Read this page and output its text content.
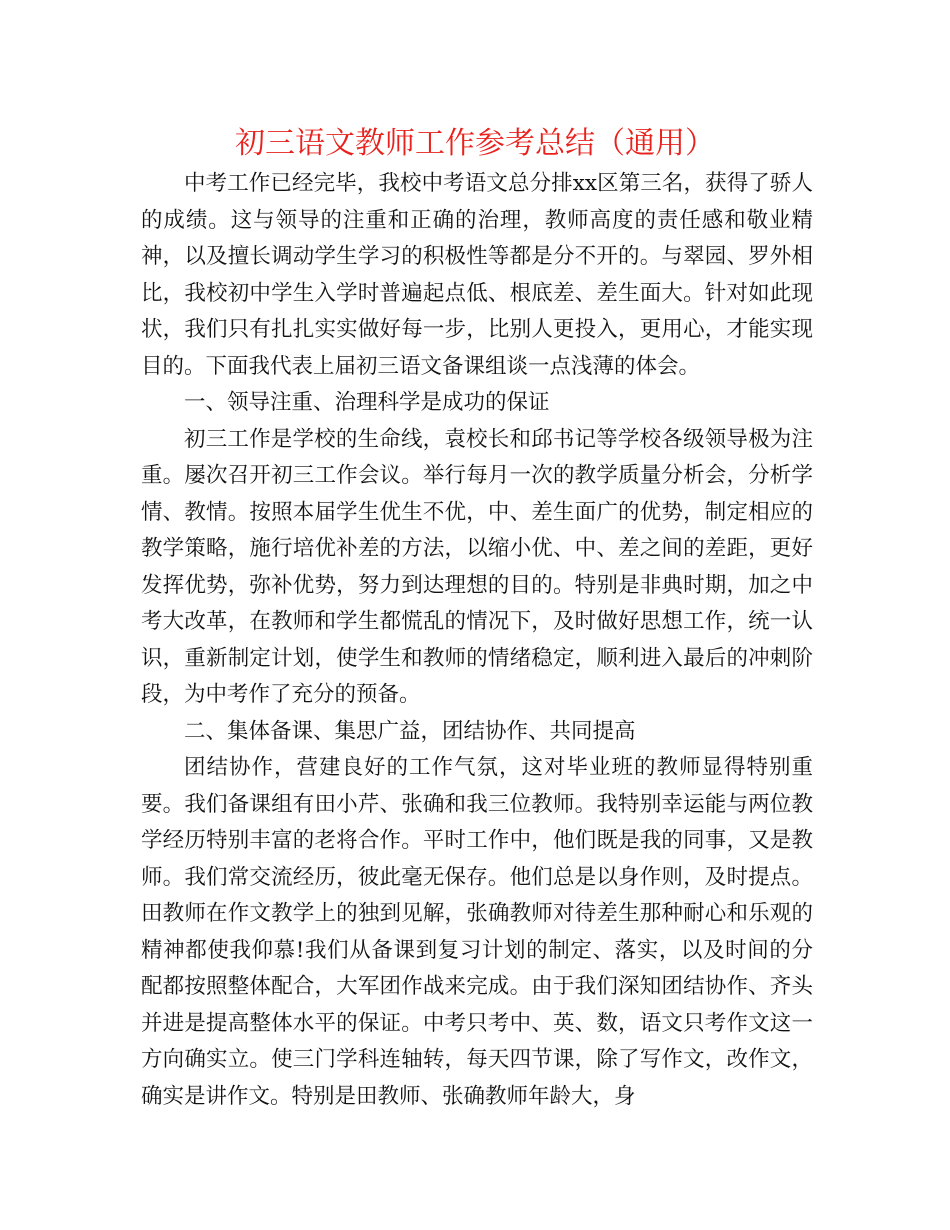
初三语文教师工作参考总结（通用）

中考工作已经完毕，我校中考语文总分排xx区第三名，获得了骄人的成绩。这与领导的注重和正确的治理，教师高度的责任感和敬业精神，以及擅长调动学生学习的积极性等都是分不开的。与翠园、罗外相比，我校初中学生入学时普遍起点低、根底差、差生面大。针对如此现状，我们只有扎扎实实做好每一步，比别人更投入，更用心，才能实现目的。下面我代表上届初三语文备课组谈一点浅薄的体会。

一、领导注重、治理科学是成功的保证

初三工作是学校的生命线，袁校长和邱书记等学校各级领导极为注重。屡次召开初三工作会议。举行每月一次的教学质量分析会，分析学情、教情。按照本届学生优生不优，中、差生面广的优势，制定相应的教学策略，施行培优补差的方法，以缩小优、中、差之间的差距，更好发挥优势，弥补优势，努力到达理想的目的。特别是非典时期，加之中考大改革，在教师和学生都慌乱的情况下，及时做好思想工作，统一认识，重新制定计划，使学生和教师的情绪稳定，顺利进入最后的冲刺阶段，为中考作了充分的预备。

二、集体备课、集思广益，团结协作、共同提高

团结协作，营建良好的工作气氛，这对毕业班的教师显得特别重要。我们备课组有田小芹、张确和我三位教师。我特别幸运能与两位教学经历特别丰富的老将合作。平时工作中，他们既是我的同事，又是教师。我们常交流经历，彼此毫无保存。他们总是以身作则，及时提点。田教师在作文教学上的独到见解，张确教师对待差生那种耐心和乐观的精神都使我仰慕!我们从备课到复习计划的制定、落实，以及时间的分配都按照整体配合，大军团作战来完成。由于我们深知团结协作、齐头并进是提高整体水平的保证。中考只考中、英、数，语文只考作文这一方向确实立。使三门学科连轴转，每天四节课，除了写作文，改作文，确实是讲作文。特别是田教师、张确教师年龄大，身
